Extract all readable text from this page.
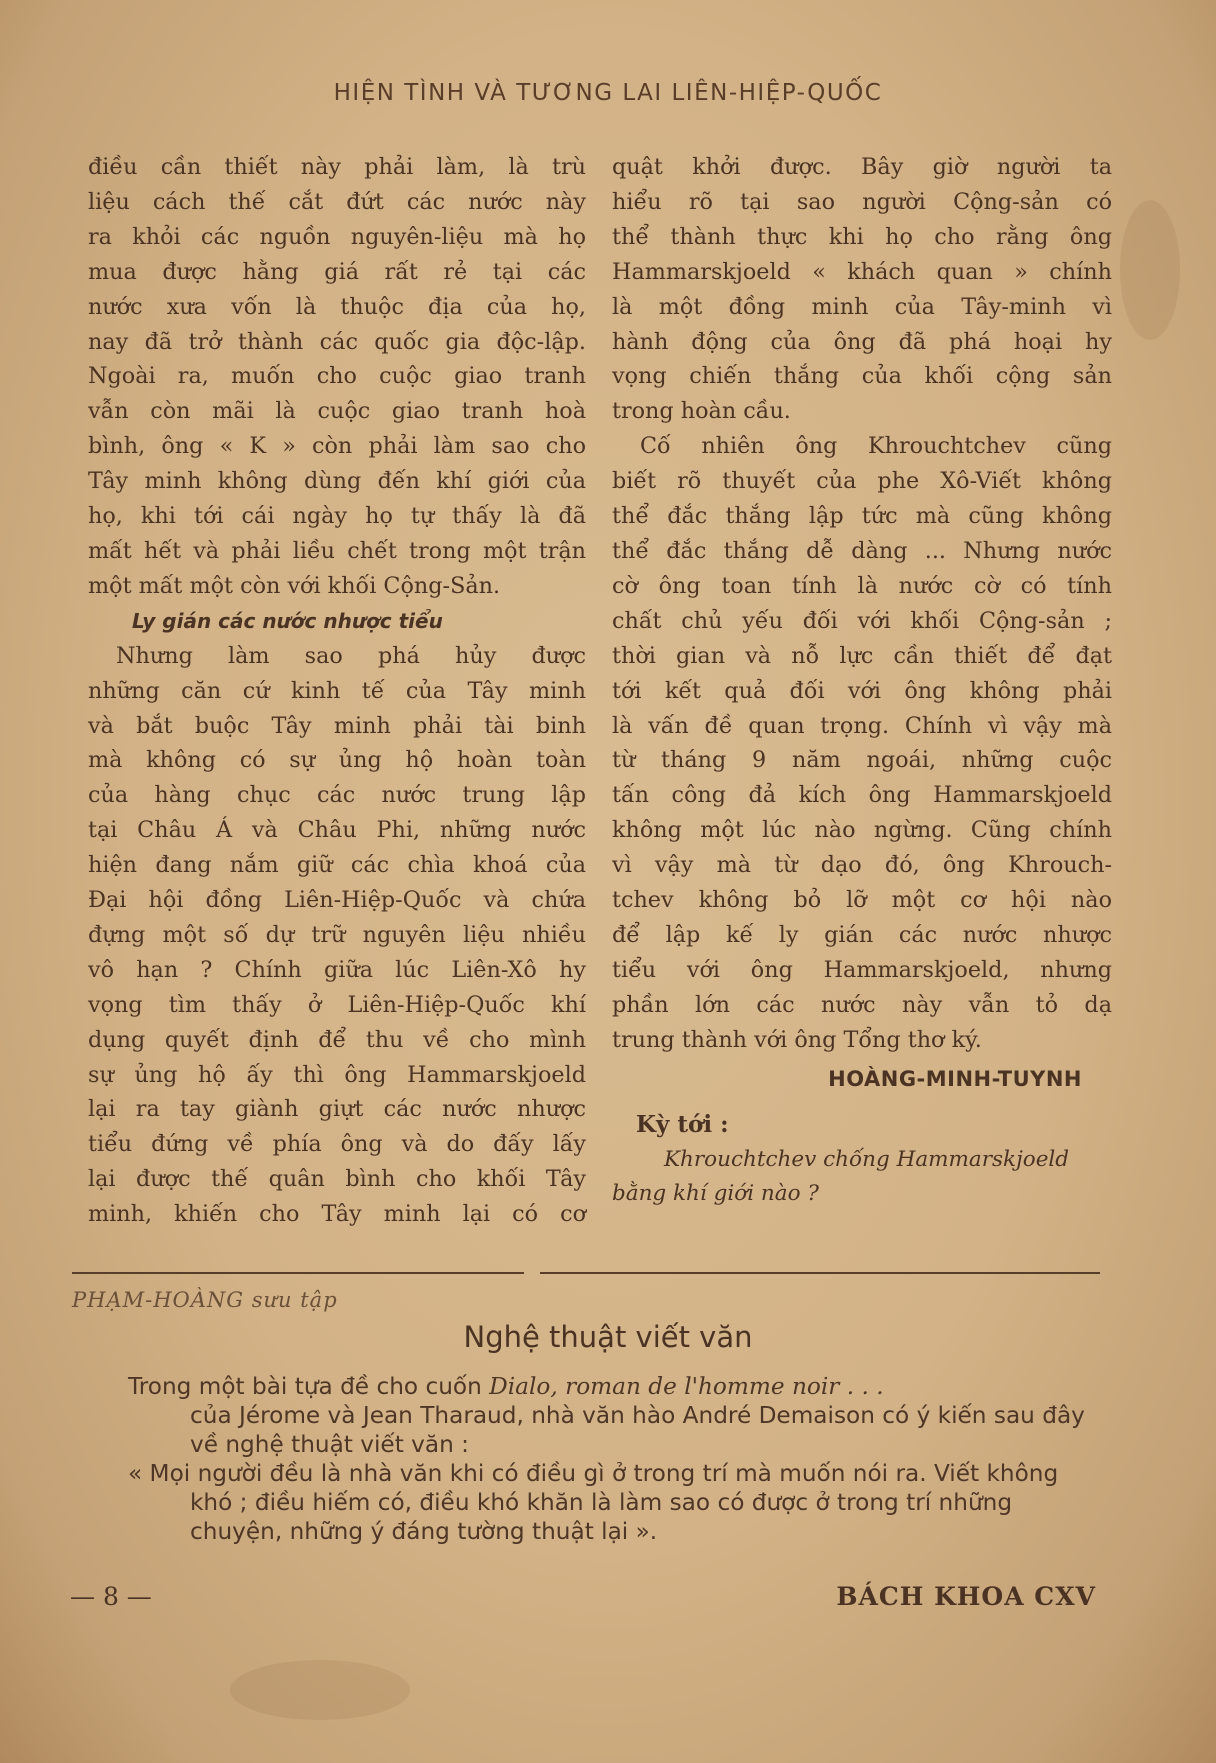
HIỆN TÌNH VÀ TƯƠNG LAI LIÊN-HIỆP-QUỐC
điều cần thiết này phải làm, là trù
liệu cách thế cắt đứt các nước này
ra khỏi các nguồn nguyên-liệu mà họ
mua được hằng giá rất rẻ tại các
nước xưa vốn là thuộc địa của họ,
nay đã trở thành các quốc gia độc-lập.
Ngoài ra, muốn cho cuộc giao tranh
vẫn còn mãi là cuộc giao tranh hoà
bình, ông « K » còn phải làm sao cho
Tây minh không dùng đến khí giới của
họ, khi tới cái ngày họ tự thấy là đã
mất hết và phải liều chết trong một trận
một mất một còn với khối Cộng-Sản.
Ly gián các nước nhược tiểu
Nhưng làm sao phá hủy được
những căn cứ kinh tế của Tây minh
và bắt buộc Tây minh phải tài binh
mà không có sự ủng hộ hoàn toàn
của hàng chục các nước trung lập
tại Châu Á và Châu Phi, những nước
hiện đang nắm giữ các chìa khoá của
Đại hội đồng Liên-Hiệp-Quốc và chứa
đựng một số dự trữ nguyên liệu nhiều
vô hạn ? Chính giữa lúc Liên-Xô hy
vọng tìm thấy ở Liên-Hiệp-Quốc khí
dụng quyết định để thu về cho mình
sự ủng hộ ấy thì ông Hammarskjoeld
lại ra tay giành giựt các nước nhược
tiểu đứng về phía ông và do đấy lấy
lại được thế quân bình cho khối Tây
minh, khiến cho Tây minh lại có cơ
quật khởi được. Bây giờ người ta
hiểu rõ tại sao người Cộng-sản có
thể thành thực khi họ cho rằng ông
Hammarskjoeld « khách quan » chính
là một đồng minh của Tây-minh vì
hành động của ông đã phá hoại hy
vọng chiến thắng của khối cộng sản
trong hoàn cầu.
Cố nhiên ông Khrouchtchev cũng
biết rõ thuyết của phe Xô-Viết không
thể đắc thắng lập tức mà cũng không
thể đắc thắng dễ dàng ... Nhưng nước
cờ ông toan tính là nước cờ có tính
chất chủ yếu đối với khối Cộng-sản ;
thời gian và nỗ lực cần thiết để đạt
tới kết quả đối với ông không phải
là vấn đề quan trọng. Chính vì vậy mà
từ tháng 9 năm ngoái, những cuộc
tấn công đả kích ông Hammarskjoeld
không một lúc nào ngừng. Cũng chính
vì vậy mà từ dạo đó, ông Khrouch-
tchev không bỏ lỡ một cơ hội nào
để lập kế ly gián các nước nhược
tiểu với ông Hammarskjoeld, nhưng
phần lớn các nước này vẫn tỏ dạ
trung thành với ông Tổng thơ ký.
HOÀNG-MINH-TUYNH
Kỳ tới :
Khrouchtchev chống Hammarskjoeld bằng khí giới nào ?
PHẠM-HOÀNG sưu tập
Nghệ thuật viết văn
Trong một bài tựa đề cho cuốn Dialo, roman de l'homme noir . . .
của Jérome và Jean Tharaud, nhà văn hào André Demaison có ý kiến sau đây về nghệ thuật viết văn :
« Mọi người đều là nhà văn khi có điều gì ở trong trí mà muốn nói ra. Viết không khó ; điều hiếm có, điều khó khăn là làm sao có được ở trong trí những chuyện, những ý đáng tường thuật lại ».
— 8 —	BÁCH KHOA CXV
